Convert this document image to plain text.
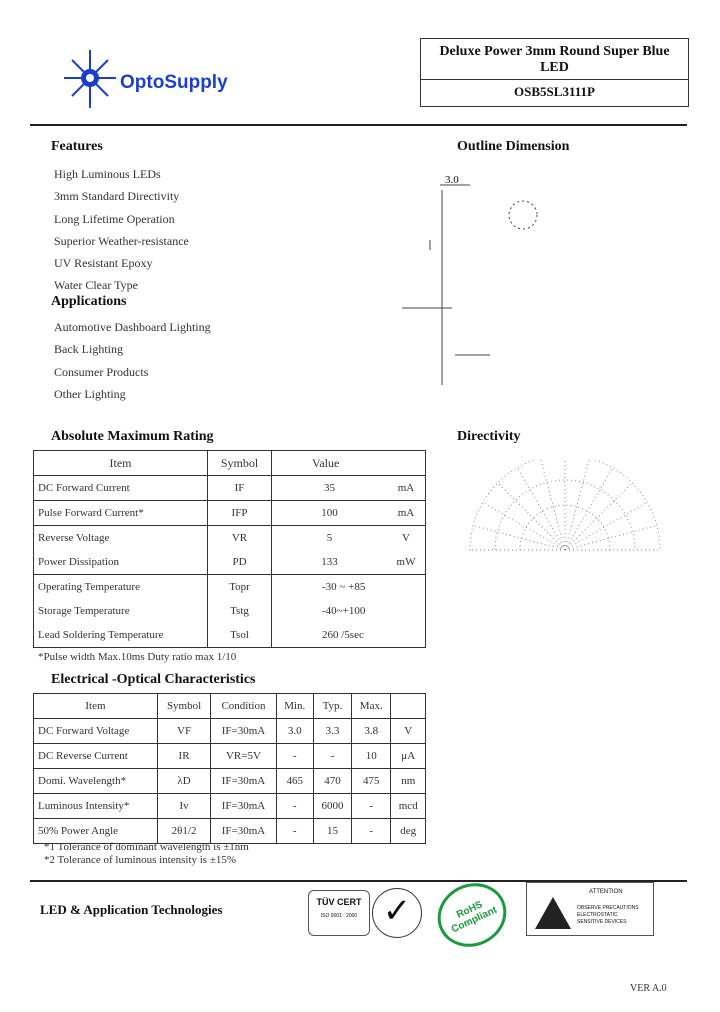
OptoSupply
Deluxe Power 3mm Round Super Blue
LED
OSB5SL3111P
Features
High Luminous LEDs
3mm Standard Directivity
Long Lifetime Operation
Superior Weather-resistance
UV Resistant Epoxy
Water Clear Type
Applications
Automotive Dashboard Lighting
Back Lighting
Consumer Products
Other Lighting
Outline Dimension
3.0
Directivity
Absolute Maximum Rating
Item	Symbol	Value	
DC Forward Current	IF	35	mA
Pulse Forward Current*	IFP	100	mA
Reverse Voltage	VR	5	V
Power Dissipation	PD	133	mW
Operating Temperature	Topr	-30 ~ +85	
Storage Temperature	Tstg	-40~+100	
Lead Soldering Temperature	Tsol	260 /5sec	
*Pulse width Max.10ms Duty ratio max 1/10
Electrical -Optical Characteristics
Item	Symbol	Condition	Min.	Typ.	Max.	
DC Forward Voltage	VF	IF=30mA	3.0	3.3	3.8	V
DC Reverse Current	IR	VR=5V	-	-	10	μA
Domi. Wavelength*	λD	IF=30mA	465	470	475	nm
Luminous Intensity*	Iv	IF=30mA	-	6000	-	mcd
50% Power Angle	2θ1/2	IF=30mA	-	15	-	deg
*1 Tolerance of dominant wavelength is ±1nm
*2 Tolerance of luminous intensity is ±15%
LED & Application Technologies	TÜV CERT
ISO 9001 : 2000 ✓	RoHS Compliant
ATTENTION
OBSERVE PRECAUTIONS
ELECTROSTATIC
SENSITIVE DEVICES
VER A.0
